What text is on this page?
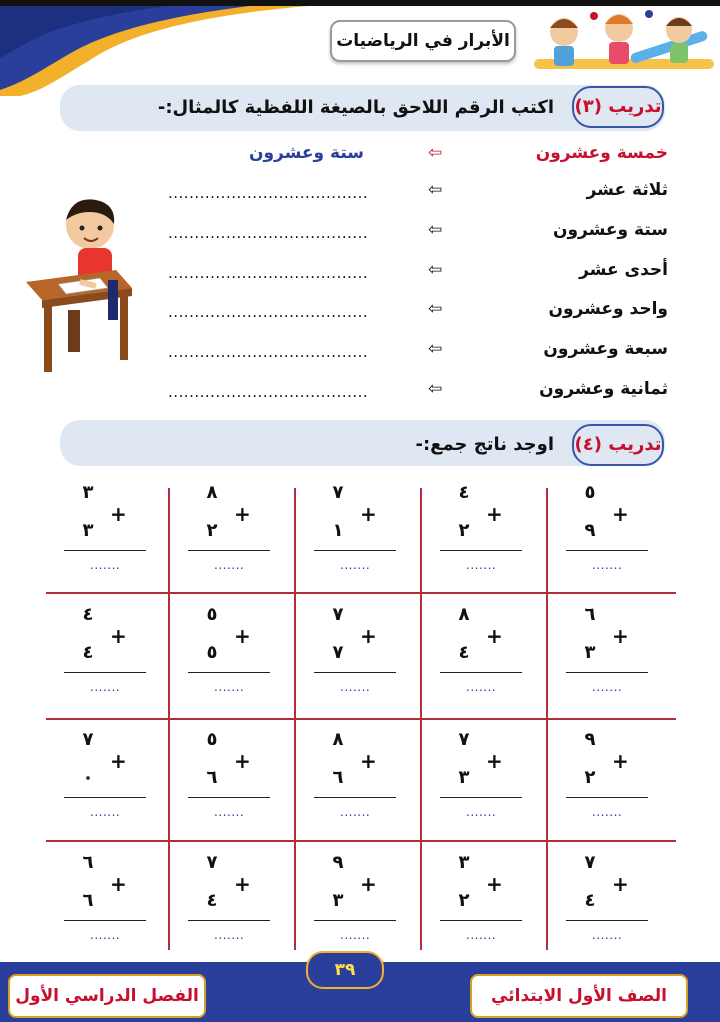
الأبرار في الرياضيات
تدريب (٣)
اكتب الرقم اللاحق بالصيغة اللفظية كالمثال:-
خمسة وعشرون
⇦
ستة وعشرون
ثلاثة عشر
⇦
......................................
ستة وعشرون
⇦
......................................
أحدى عشر
⇦
......................................
واحد وعشرون
⇦
......................................
سبعة وعشرون
⇦
......................................
ثمانية وعشرون
⇦
......................................
تدريب (٤)
اوجد ناتج جمع:-
٥
+
٩
.......
٤
+
٢
.......
٧
+
١
.......
٨
+
٢
.......
٣
+
٣
.......
٦
+
٣
.......
٨
+
٤
.......
٧
+
٧
.......
٥
+
٥
.......
٤
+
٤
.......
٩
+
٢
.......
٧
+
٣
.......
٨
+
٦
.......
٥
+
٦
.......
٧
+
٠
.......
٧
+
٤
.......
٣
+
٢
.......
٩
+
٣
.......
٧
+
٤
.......
٦
+
٦
.......
الصف الأول الابتدائي
الفصل الدراسي الأول
٣٩
